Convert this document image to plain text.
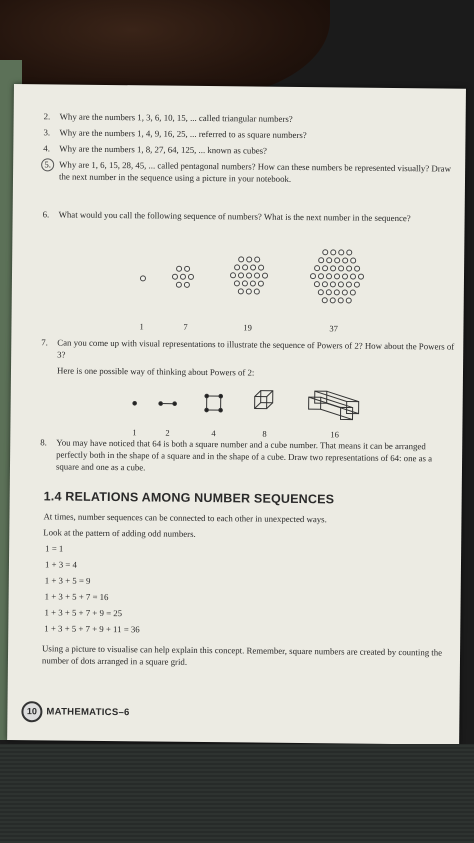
2. Why are the numbers 1, 3, 6, 10, 15, ... called triangular numbers?
3. Why are the numbers 1, 4, 9, 16, 25, ... referred to as square numbers?
4. Why are the numbers 1, 8, 27, 64, 125, ... known as cubes?
5. Why are 1, 6, 15, 28, 45, ... called pentagonal numbers? How can these numbers be represented visually? Draw the next number in the sequence using a picture in your notebook.
6. What would you call the following sequence of numbers? What is the next number in the sequence?
1	7	19	37
7. Can you come up with visual representations to illustrate the sequence of Powers of 2? How about the Powers of 3?
Here is one possible way of thinking about Powers of 2:
1	2	4	8	16
8. You may have noticed that 64 is both a square number and a cube number. That means it can be arranged perfectly both in the shape of a square and in the shape of a cube. Draw two representations of 64: one as a square and one as a cube.
1.4 RELATIONS AMONG NUMBER SEQUENCES
At times, number sequences can be connected to each other in unexpected ways.
Look at the pattern of adding odd numbers.
1 = 1
1 + 3 = 4
1 + 3 + 5 = 9
1 + 3 + 5 + 7 = 16
1 + 3 + 5 + 7 + 9 = 25
1 + 3 + 5 + 7 + 9 + 11 = 36
Using a picture to visualise can help explain this concept. Remember, square numbers are created by counting the number of dots arranged in a square grid.
10 MATHEMATICS–6
